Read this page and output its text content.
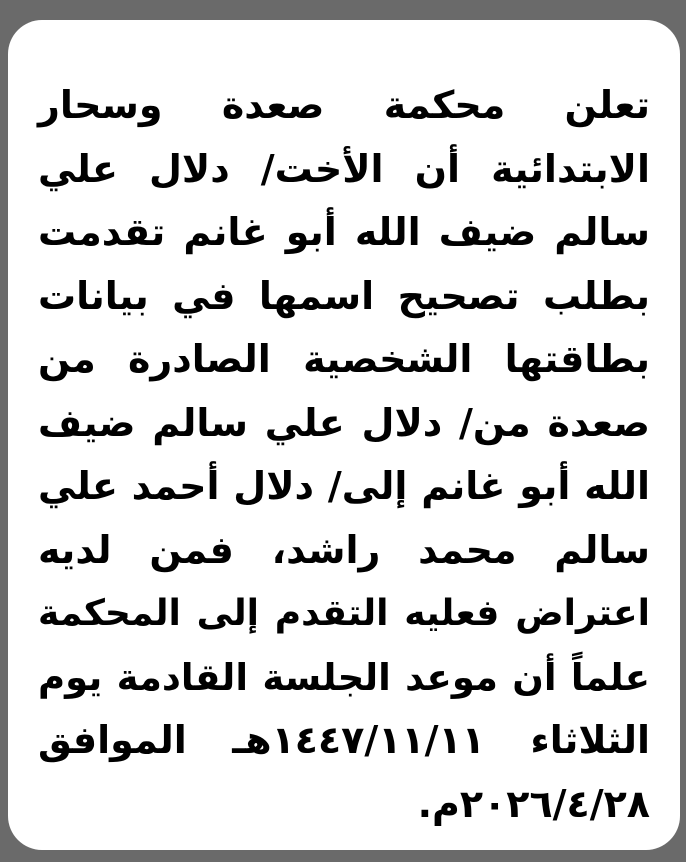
تعلن محكمة صعدة وسحار
الابتدائية أن الأخت/ دلال علي
سالم ضيف الله أبو غانم تقدمت
بطلب تصحيح اسمها في بيانات
بطاقتها الشخصية الصادرة من
صعدة من/ دلال علي سالم ضيف
الله أبو غانم إلى/ دلال أحمد علي
سالم محمد راشد، فمن لديه
اعتراض فعليه التقدم إلى المحكمة
علماً أن موعد الجلسة القادمة يوم
الثلاثاء ١٤٤٧/١١/١١هـ الموافق
٢٠٢٦/٤/٢٨م.
